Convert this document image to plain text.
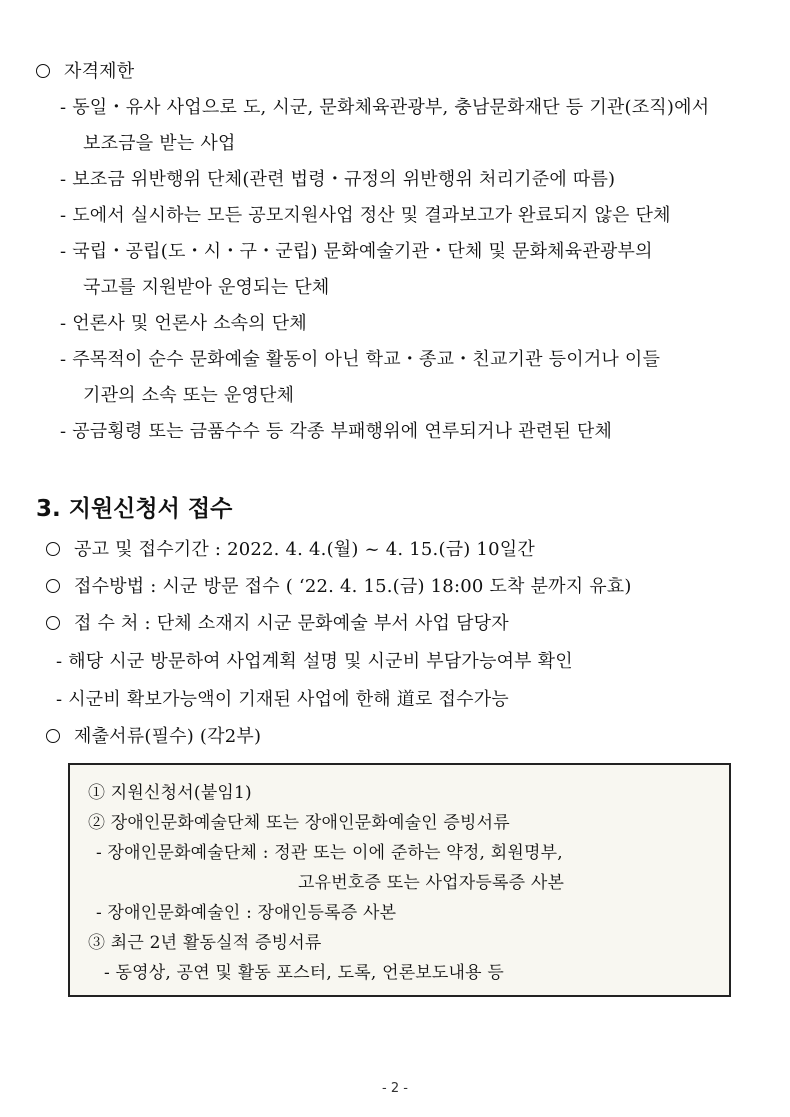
자격제한
- 동일・유사 사업으로 도, 시군, 문화체육관광부, 충남문화재단 등 기관(조직)에서
보조금을 받는 사업
- 보조금 위반행위 단체(관련 법령・규정의 위반행위 처리기준에 따름)
- 도에서 실시하는 모든 공모지원사업 정산 및 결과보고가 완료되지 않은 단체
- 국립・공립(도・시・구・군립) 문화예술기관・단체 및 문화체육관광부의
국고를 지원받아 운영되는 단체
- 언론사 및 언론사 소속의 단체
- 주목적이 순수 문화예술 활동이 아닌 학교・종교・친교기관 등이거나 이들
기관의 소속 또는 운영단체
- 공금횡령 또는 금품수수 등 각종 부패행위에 연루되거나 관련된 단체
3. 지원신청서 접수
공고 및 접수기간 : 2022. 4. 4.(월) ~ 4. 15.(금) 10일간
접수방법 : 시군 방문 접수 ( ‘22. 4. 15.(금) 18:00 도착 분까지 유효)
접 수 처 : 단체 소재지 시군 문화예술 부서 사업 담당자
- 해당 시군 방문하여 사업계획 설명 및 시군비 부담가능여부 확인
- 시군비 확보가능액이 기재된 사업에 한해 道로 접수가능
제출서류(필수) (각2부)
① 지원신청서(붙임1)
② 장애인문화예술단체 또는 장애인문화예술인 증빙서류
- 장애인문화예술단체 : 정관 또는 이에 준하는 약정, 회원명부,
고유번호증 또는 사업자등록증 사본
- 장애인문화예술인 : 장애인등록증 사본
③ 최근 2년 활동실적 증빙서류
- 동영상, 공연 및 활동 포스터, 도록, 언론보도내용 등
- 2 -
